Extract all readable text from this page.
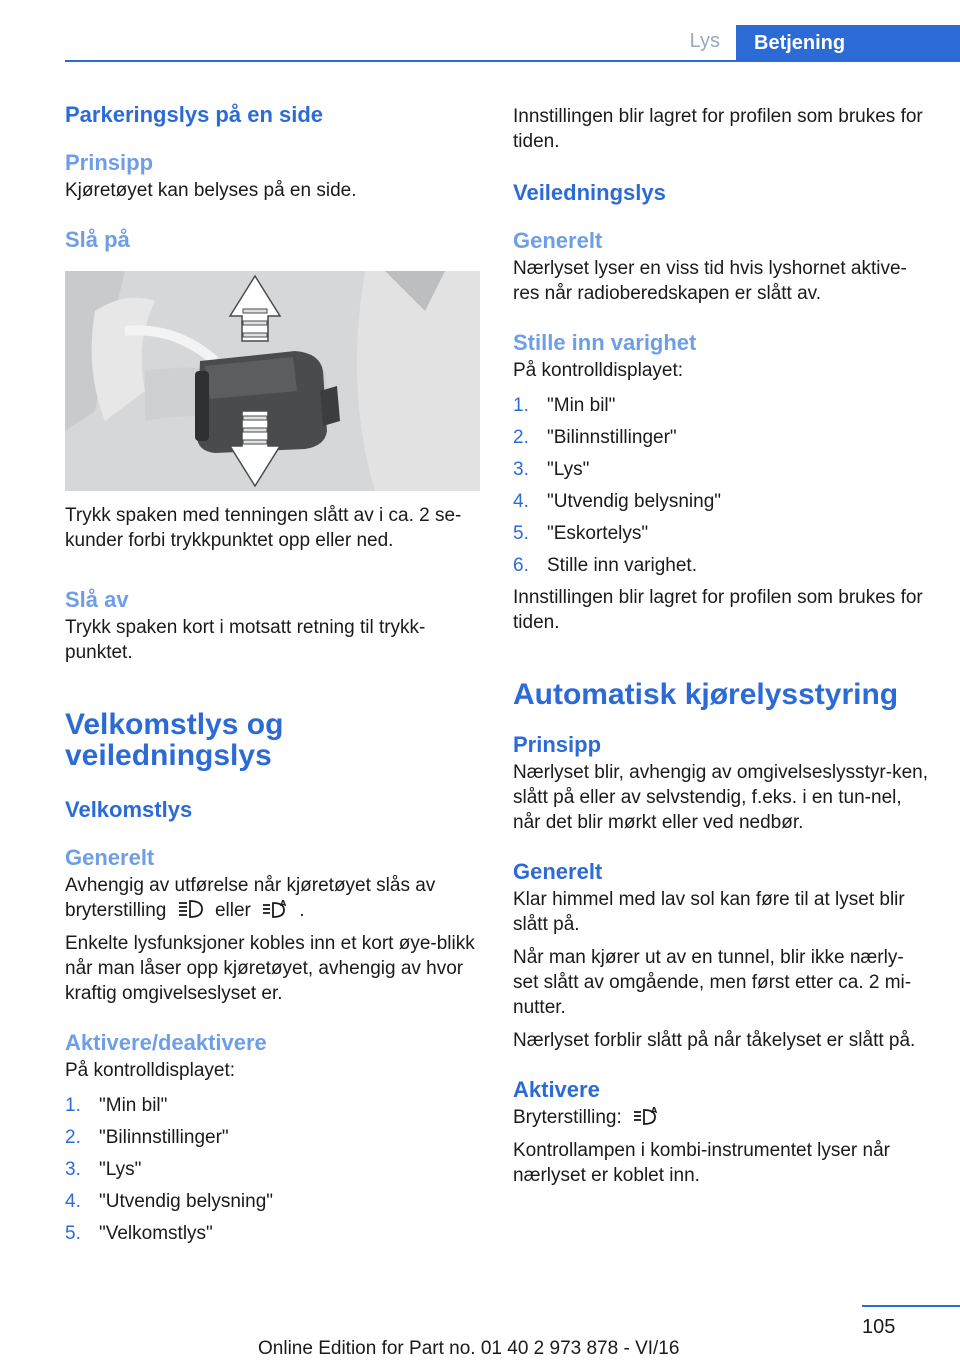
Lys	Betjening
Parkeringslys på en side
Prinsipp

Kjøretøyet kan belyses på en side.

Slå på

Trykk spaken med tenningen slått av i ca. 2 se-kunder forbi trykkpunktet opp eller ned.

Slå av

Trykk spaken kort i motsatt retning til trykk-punktet.

Velkomstlys og veiledningslys
Velkomstlys
Generelt

Avhengig av utførelse når kjøretøyet slås av bryterstilling	eller	A .

Enkelte lysfunksjoner kobles inn et kort øye-blikk når man låser opp kjøretøyet, avhengig av hvor kraftig omgivelseslyset er.

Aktivere/deaktivere

På kontrolldisplayet:

1. "Min bil"
2. "Bilinnstillinger"
3. "Lys"
4. "Utvendig belysning"
5. "Velkomstlys"

Innstillingen blir lagret for profilen som brukes for tiden.

Veiledningslys
Generelt

Nærlyset lyser en viss tid hvis lyshornet aktive-res når radioberedskapen er slått av.

Stille inn varighet

På kontrolldisplayet:

1. "Min bil"
2. "Bilinnstillinger"
3. "Lys"
4. "Utvendig belysning"
5. "Eskortelys"
6. Stille inn varighet.

Innstillingen blir lagret for profilen som brukes for tiden.

Automatisk kjørelysstyring
Prinsipp

Nærlyset blir, avhengig av omgivelseslysstyr-ken, slått på eller av selvstendig, f.eks. i en tun-nel, når det blir mørkt eller ved nedbør.

Generelt

Klar himmel med lav sol kan føre til at lyset blir slått på.

Når man kjører ut av en tunnel, blir ikke nærly-set slått av omgående, men først etter ca. 2 mi-nutter.

Nærlyset forblir slått på når tåkelyset er slått på.

Aktivere

Bryterstilling:	A

Kontrollampen i kombi-instrumentet lyser når nærlyset er koblet inn.

105
Online Edition for Part no. 01 40 2 973 878 - VI/16
